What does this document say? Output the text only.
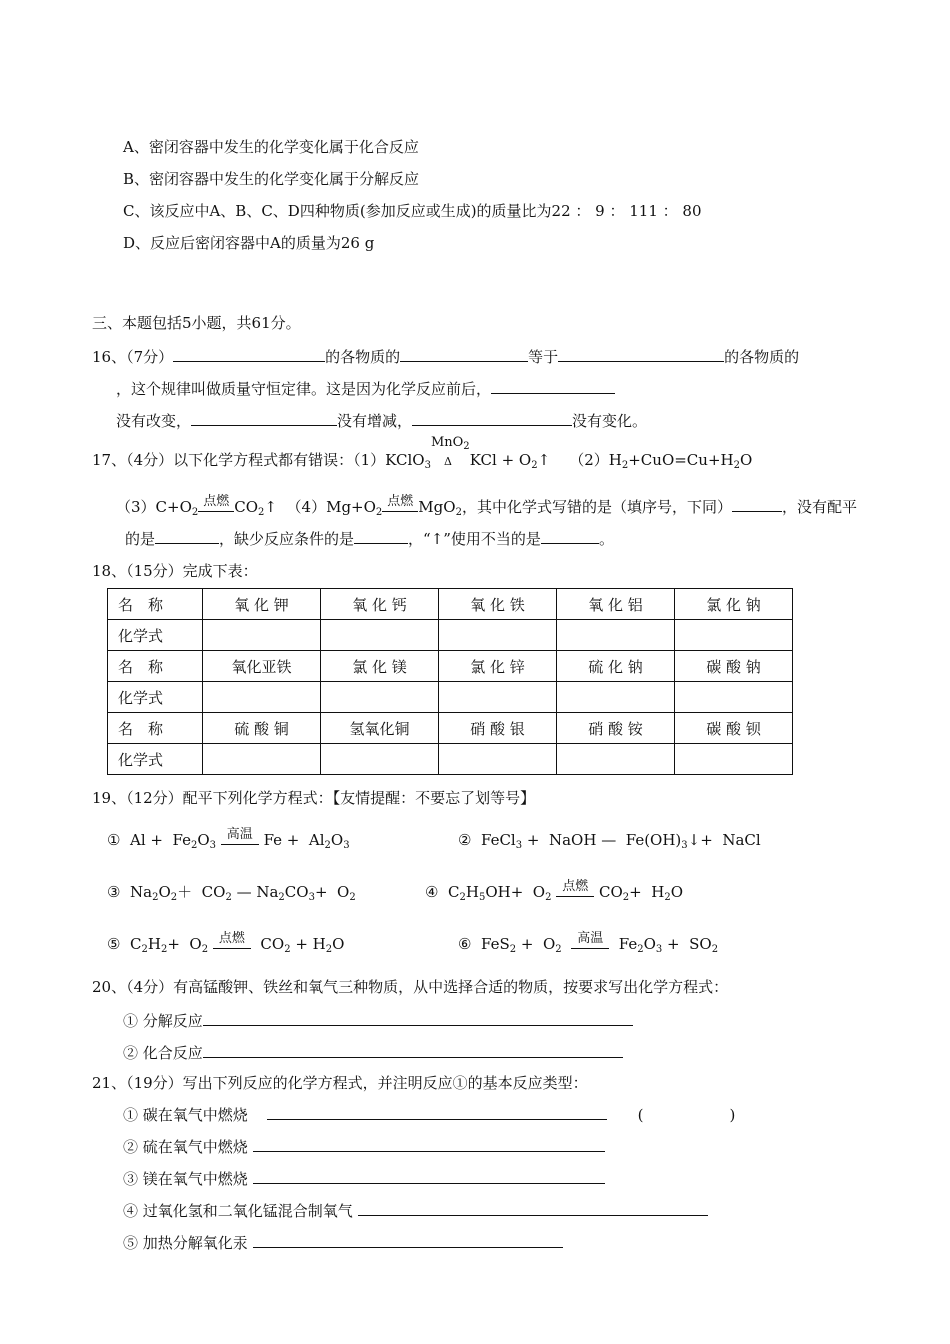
A、密闭容器中发生的化学变化属于化合反应
B、密闭容器中发生的化学变化属于分解反应
C、该反应中A、B、C、D四种物质(参加反应或生成)的质量比为22 ： 9 ： 111 ： 80
D、反应后密闭容器中A的质量为26 g
三、本题包括5小题，共61分。
16、（7分）	的各物质的	等于	的各物质的
，这个规律叫做质量守恒定律。这是因为化学反应前后，
没有改变，	没有增减，	没有变化。
17、（4分）以下化学方程式都有错误：（1）KClO$_3$
MnO$_2$
Δ KCl + $O_2↑$ $(2)H_2+CuO=Cu+H_2O$
$(3)C+O_2$
点燃 $CO_2↑$ $(4)Mg+O_2$
点燃 MgO$_2$，其中化学式写错的是（填序号，下同）	，没有配平
的是	，缺少反应条件的是	，“↑”使用不当的是	。
18、（15分）完成下表：
名　称	氧 化 钾	氧 化 钙	氧 化 铁	氧 化 铝	氯 化 钠
化学式					
名　称	氧化亚铁	氯 化 镁	氯 化 锌	硫 化 钠	碳 酸 钠
化学式					
名　称	硫 酸 铜	氢氧化铜	硝 酸 银	硝 酸 铵	碳 酸 钡
化学式					
19、（12分）配平下列化学方程式：【友情提醒：不要忘了划等号】
①  $Al + Fe_2O_3$
高温 $Fe + Al_2O_3$	②  FeCl$_3$ +  NaOH —  $Fe(OH)_3↓+$  NaCl
③  $Na_2O_2+ CO_2$ — $Na_2CO_3+ O_2$	④  $C_2H_5OH+ O_2$
点燃 $CO_2+ H_2O$
⑤  $C_2H_2+ O_2$
点燃 $CO_2 + H_2O$	⑥  $FeS_2 + O_2$
高温 $Fe_2O_3 + SO_2$
20、（4分）有高锰酸钾、铁丝和氧气三种物质，从中选择合适的物质，按要求写出化学方程式：
① 分解反应
② 化合反应
21、（19分）写出下列反应的化学方程式，并注明反应①的基本反应类型：
① 碳在氧气中燃烧	(	)
② 硫在氧气中燃烧
③ 镁在氧气中燃烧
④ 过氧化氢和二氧化锰混合制氧气
⑤ 加热分解氧化汞
